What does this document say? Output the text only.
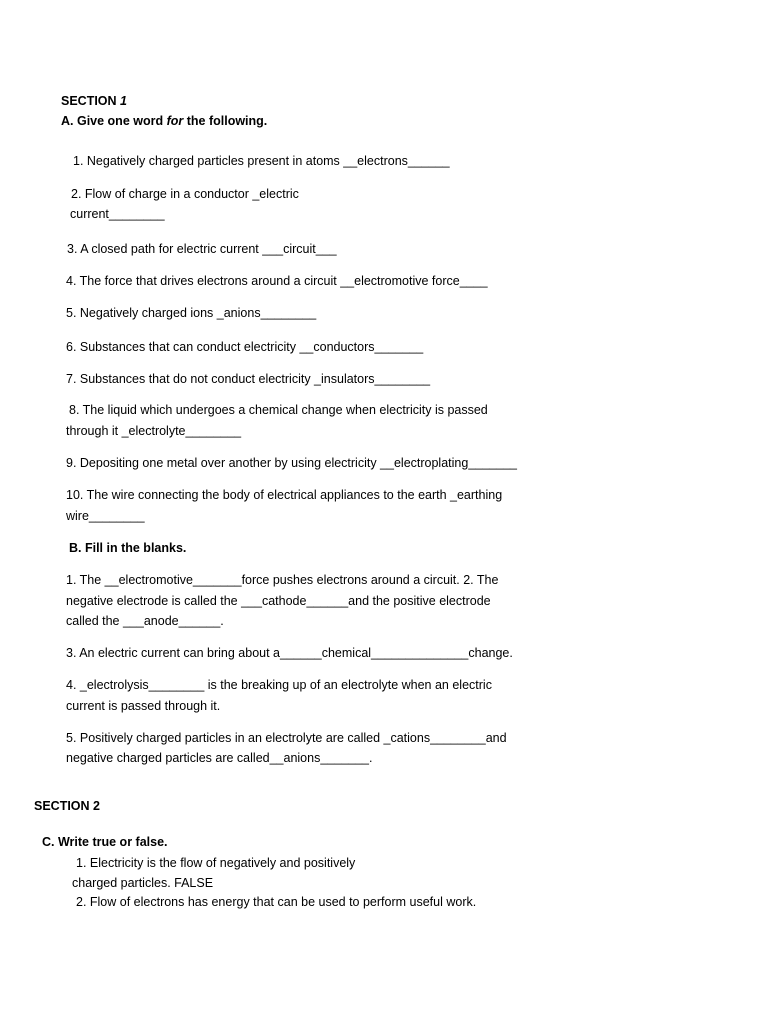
SECTION 1
A. Give one word for the following.
1. Negatively charged particles present in atoms __electrons______
2. Flow of charge in a conductor _electric
current________
3. A closed path for electric current ___circuit___
4. The force that drives electrons around a circuit __electromotive force____
5. Negatively charged ions _anions________
6. Substances that can conduct electricity __conductors_______
7. Substances that do not conduct electricity _insulators________
8. The liquid which undergoes a chemical change when electricity is passed
through it _electrolyte________
9. Depositing one metal over another by using electricity __electroplating_______
10. The wire connecting the body of electrical appliances to the earth _earthing
wire________
B. Fill in the blanks.
1. The __electromotive_______force pushes electrons around a circuit. 2. The
negative electrode is called the ___cathode______and the positive electrode
called the ___anode______.
3. An electric current can bring about a______chemical______________change.
4. _electrolysis________ is the breaking up of an electrolyte when an electric
current is passed through it.
5. Positively charged particles in an electrolyte are called _cations________and
negative charged particles are called__anions_______.
SECTION 2
C. Write true or false.
1. Electricity is the flow of negatively and positively
charged particles. FALSE
2. Flow of electrons has energy that can be used to perform useful work.
